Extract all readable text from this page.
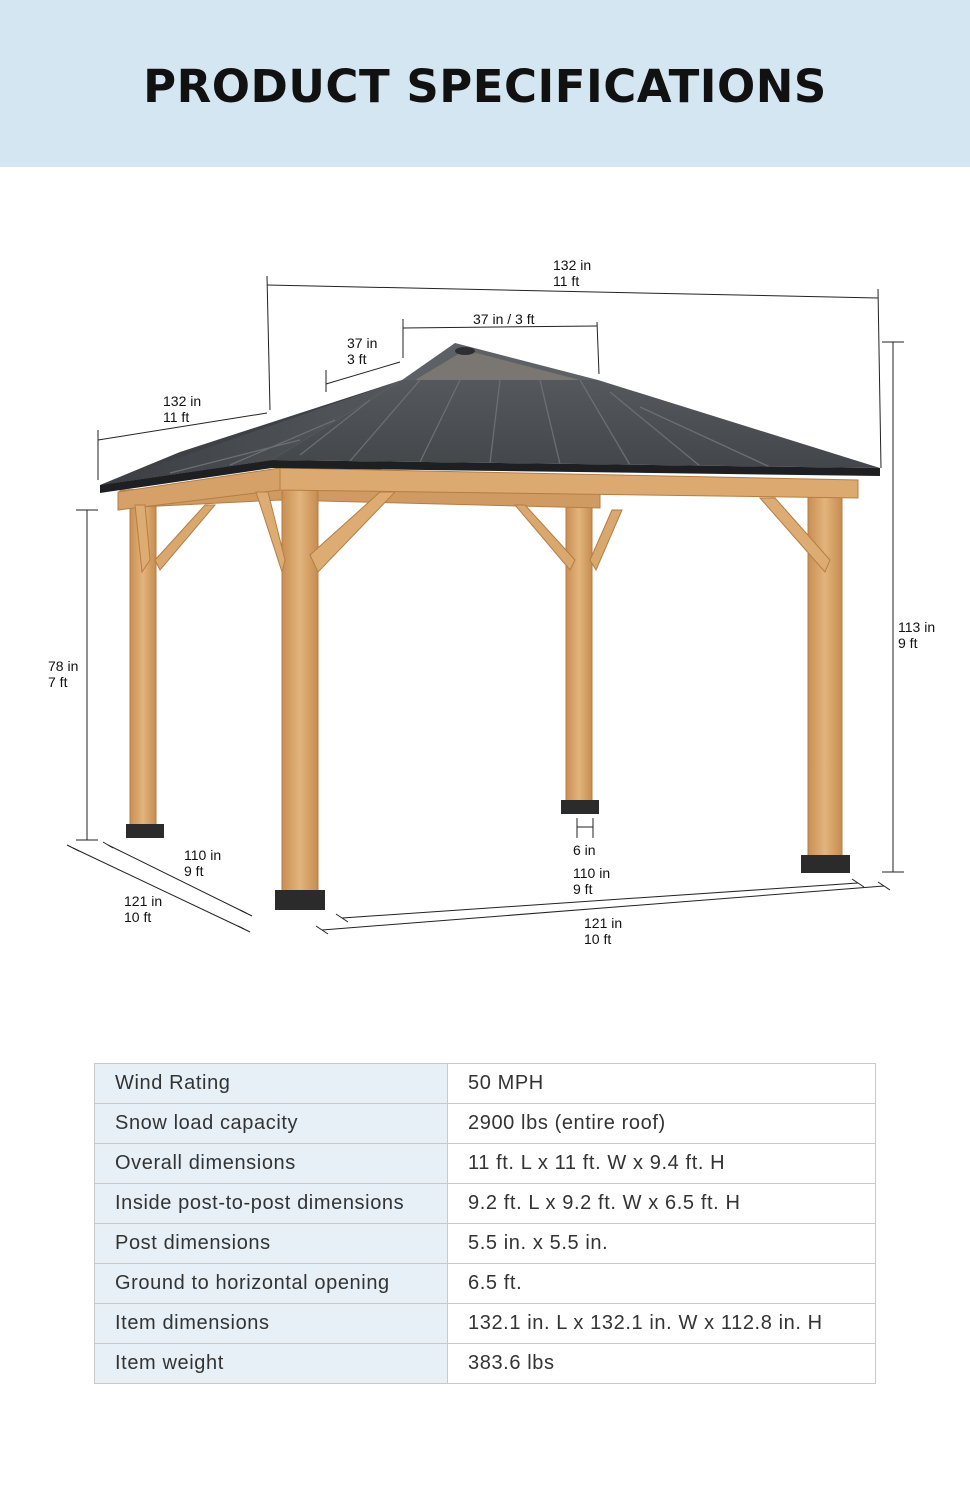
PRODUCT SPECIFICATIONS
132 in
11 ft
37 in / 3 ft
37 in
3 ft
132 in
11 ft
113 in
9 ft
78 in
7 ft
6 in
110 in
9 ft
121 in
10 ft
110 in
9 ft
121 in
10 ft
Wind Rating	50 MPH
Snow load capacity	2900 lbs (entire roof)
Overall dimensions	11 ft. L x 11 ft. W x 9.4 ft. H
Inside post-to-post dimensions	9.2 ft. L x 9.2 ft. W x 6.5 ft. H
Post dimensions	5.5 in. x 5.5 in.
Ground to horizontal opening	6.5 ft.
Item dimensions	132.1 in. L x 132.1 in. W x 112.8 in. H
Item weight	383.6 lbs
